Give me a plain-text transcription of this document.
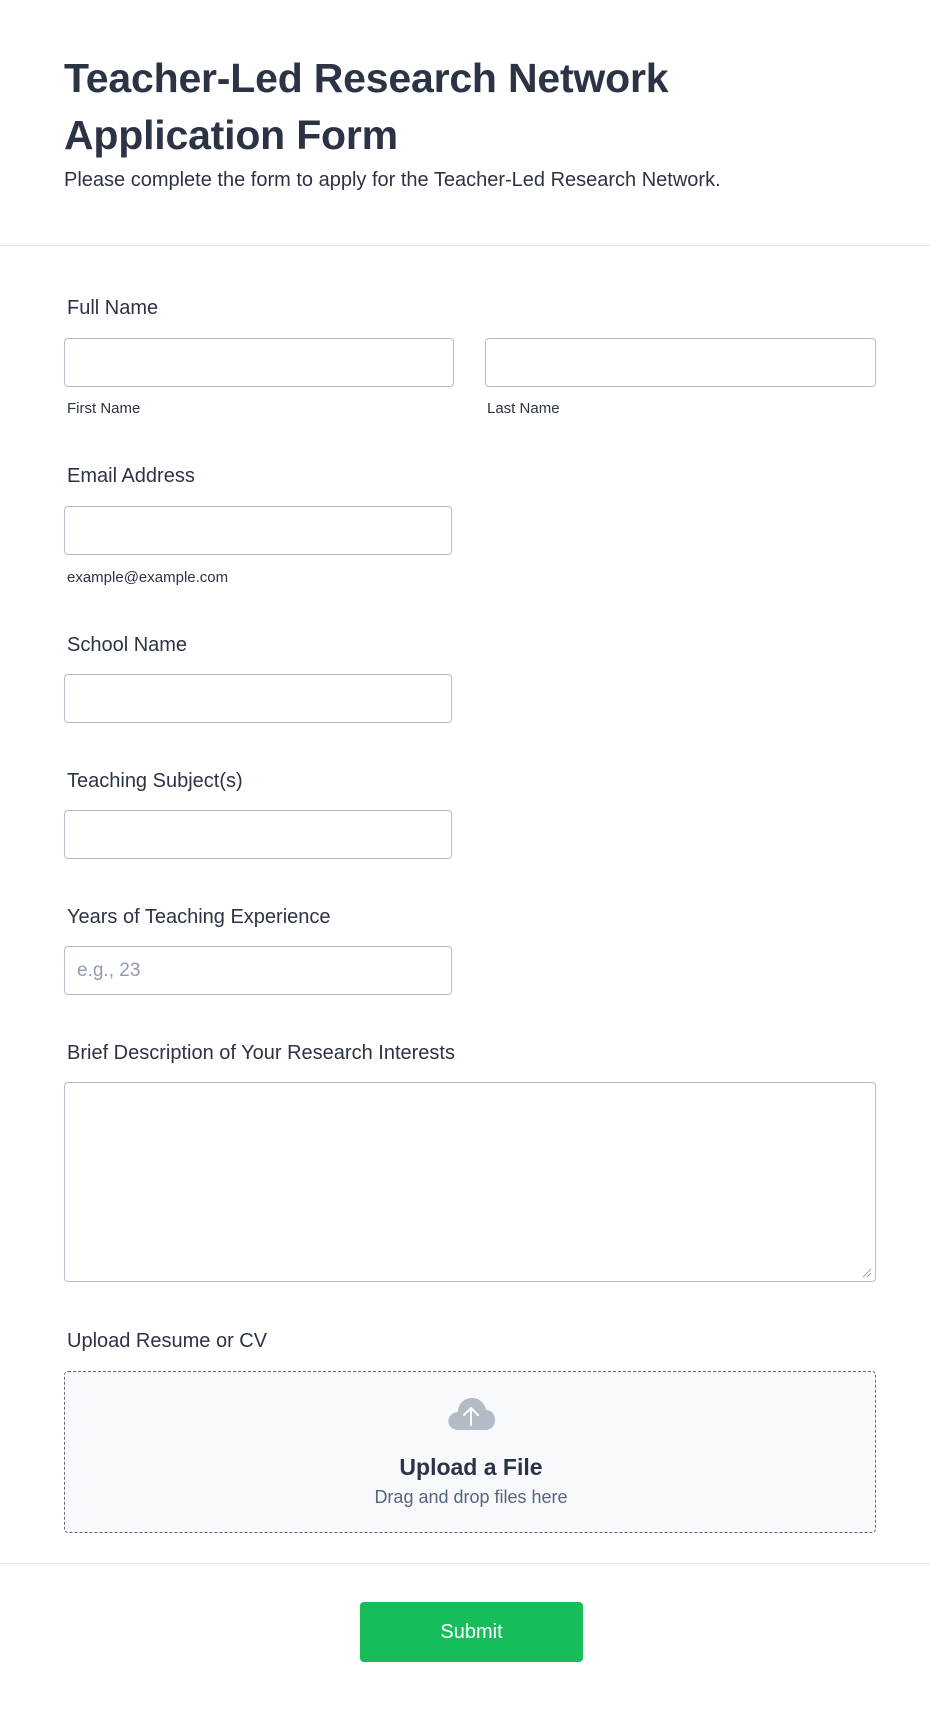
Teacher-Led Research Network Application Form

Please complete the form to apply for the Teacher-Led Research Network.

Full Name
First Name	Last Name
Email Address
example@example.com
School Name
Teaching Subject(s)
Years of Teaching Experience
e.g., 23
Brief Description of Your Research Interests
Upload Resume or CV
Upload a File
Drag and drop files here
Submit
